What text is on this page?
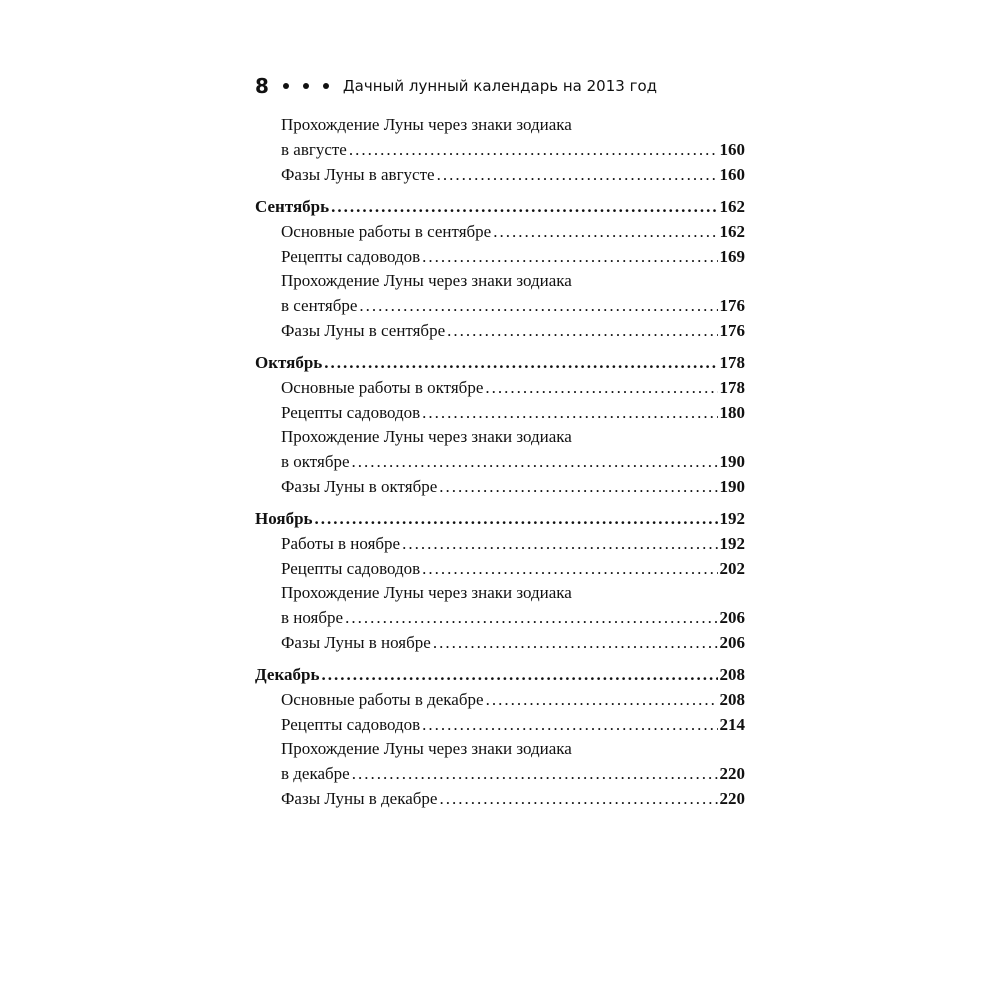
8	Дачный лунный календарь на 2013 год
Прохождение Луны через знаки зодиака
в августе .....	160
Фазы Луны в августе .....	160
Сентябрь .....	162
Основные работы в сентябре .....	162
Рецепты садоводов .....	169
Прохождение Луны через знаки зодиака
в сентябре .....	176
Фазы Луны в сентябре .....	176
Октябрь .....	178
Основные работы в октябре .....	178
Рецепты садоводов .....	180
Прохождение Луны через знаки зодиака
в октябре .....	190
Фазы Луны в октябре .....	190
Ноябрь .....	192
Работы в ноябре .....	192
Рецепты садоводов .....	202
Прохождение Луны через знаки зодиака
в ноябре .....	206
Фазы Луны в ноябре .....	206
Декабрь .....	208
Основные работы в декабре .....	208
Рецепты садоводов .....	214
Прохождение Луны через знаки зодиака
в декабре .....	220
Фазы Луны в декабре .....	220
